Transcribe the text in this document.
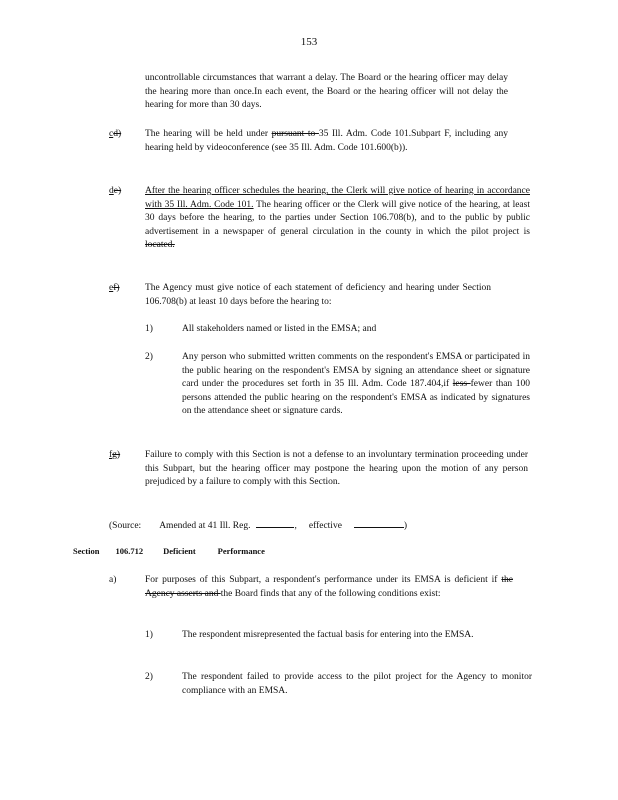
153
uncontrollable circumstances that warrant a delay. The Board or the hearing officer may delay the hearing more than once.In each event, the Board or the hearing officer will not delay the hearing for more than 30 days.
cd)	The hearing will be held under pursuant to 35 Ill. Adm. Code 101.Subpart F, including any hearing held by videoconference (see 35 Ill. Adm. Code 101.600(b)).
de)	After the hearing officer schedules the hearing, the Clerk will give notice of hearing in accordance with 35 Ill. Adm. Code 101. The hearing officer or the Clerk will give notice of the hearing, at least 30 days before the hearing, to the parties under Section 106.708(b), and to the public by public advertisement in a newspaper of general circulation in the county in which the pilot project is located.
ef)	The Agency must give notice of each statement of deficiency and hearing under Section 106.708(b) at least 10 days before the hearing to:
1)	All stakeholders named or listed in the EMSA; and
2)	Any person who submitted written comments on the respondent's EMSA or participated in the public hearing on the respondent's EMSA by signing an attendance sheet or signature card under the procedures set forth in 35 Ill. Adm. Code 187.404,if less fewer than 100 persons attended the public hearing on the respondent's EMSA as indicated by signatures on the attendance sheet or signature cards.
fg)	Failure to comply with this Section is not a defense to an involuntary termination proceeding under this Subpart, but the hearing officer may postpone the hearing upon the motion of any person prejudiced by a failure to comply with this Section.
(Source: Amended at 41 Ill. Reg.	, effective	)
Section 106.712 Deficient	Performance
a)	For purposes of this Subpart, a respondent's performance under its EMSA is deficient if the Agency asserts and the Board finds that any of the following conditions exist:
1)	The respondent misrepresented the factual basis for entering into the EMSA.
2)	The respondent failed to provide access to the pilot project for the Agency to monitor compliance with an EMSA.
